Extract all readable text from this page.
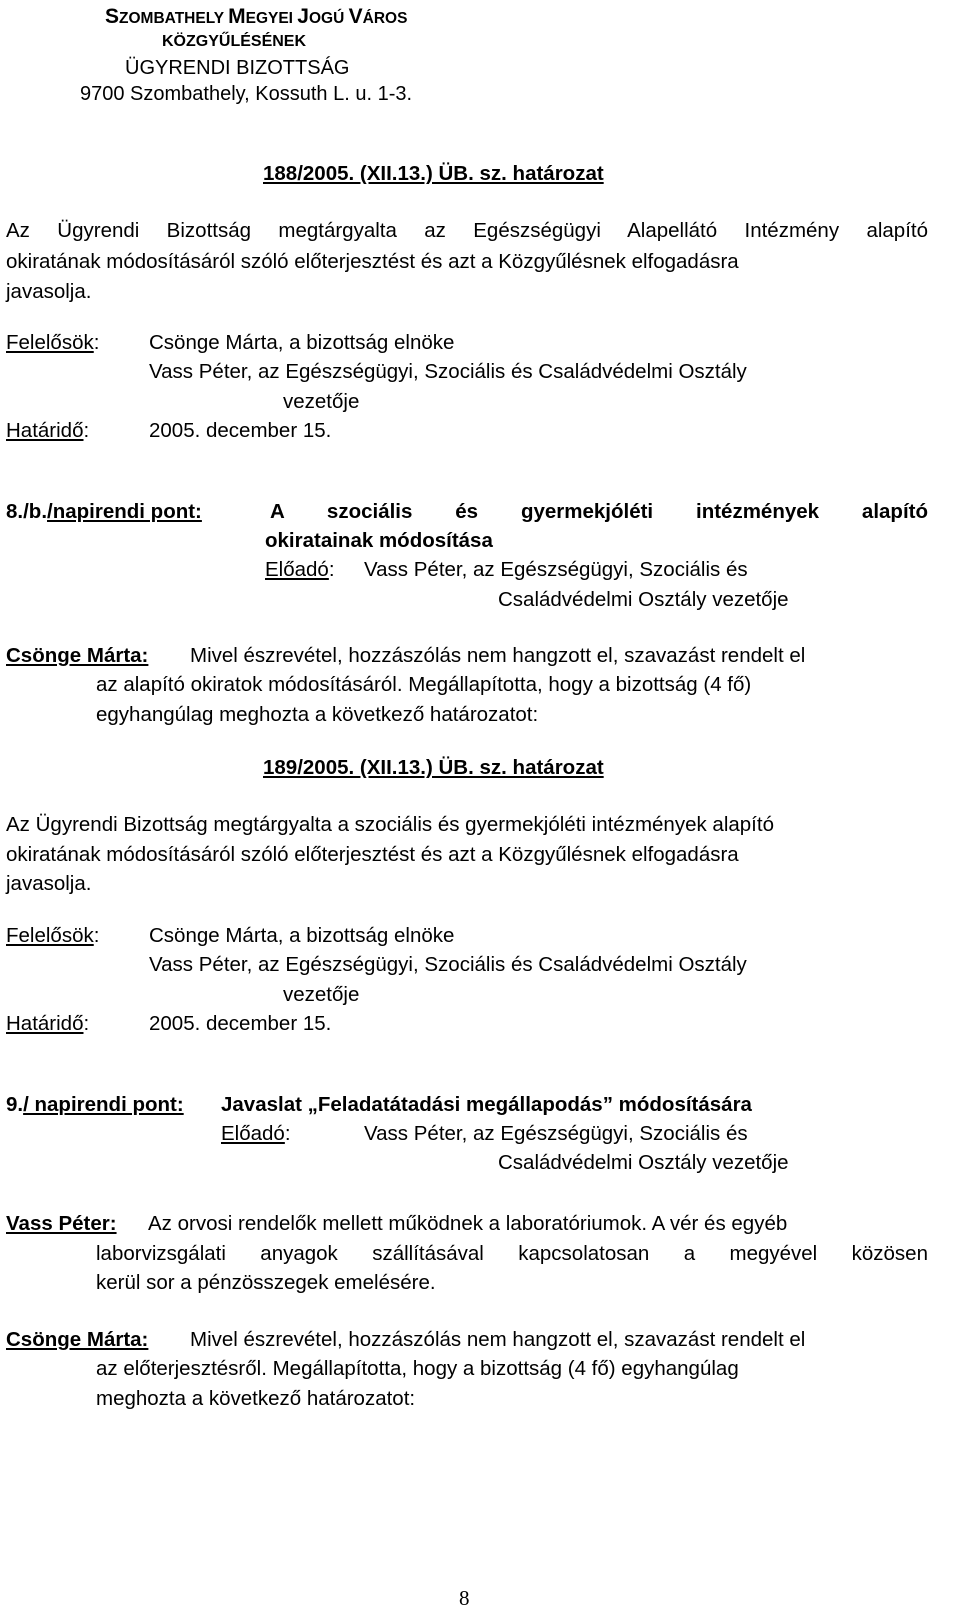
SZOMBATHELY MEGYEI JOGÚ VÁROS
KÖZGYŰLÉSÉNEK
ÜGYRENDI BIZOTTSÁG
9700 Szombathely, Kossuth L. u. 1-3.
188/2005. (XII.13.) ÜB. sz. határozat
Az Ügyrendi Bizottság megtárgyalta az Egészségügyi Alapellátó Intézmény alapító
okiratának módosításáról szóló előterjesztést és azt a Közgyűlésnek elfogadásra
javasolja.
Felelősök: Csönge Márta, a bizottság elnöke
Vass Péter, az Egészségügyi, Szociális és Családvédelmi Osztály
vezetője
Határidő:	2005. december 15.
8./b./napirendi pont:	A szociális és gyermekjóléti intézmények alapító
okiratainak módosítása
Előadó: Vass Péter, az Egészségügyi, Szociális és
Családvédelmi Osztály vezetője
Csönge Márta: Mivel észrevétel, hozzászólás nem hangzott el, szavazást rendelt el
az alapító okiratok módosításáról. Megállapította, hogy a bizottság (4 fő)
egyhangúlag meghozta a következő határozatot:
189/2005. (XII.13.) ÜB. sz. határozat
Az Ügyrendi Bizottság megtárgyalta a szociális és gyermekjóléti intézmények alapító
okiratának módosításáról szóló előterjesztést és azt a Közgyűlésnek elfogadásra
javasolja.
Felelősök: Csönge Márta, a bizottság elnöke
Vass Péter, az Egészségügyi, Szociális és Családvédelmi Osztály
vezetője
Határidő:	2005. december 15.
9./ napirendi pont: Javaslat „Feladatátadási megállapodás” módosítására
Előadó:	Vass Péter, az Egészségügyi, Szociális és
Családvédelmi Osztály vezetője
Vass Péter: Az orvosi rendelők mellett működnek a laboratóriumok. A vér és egyéb
laborvizsgálati anyagok szállításával kapcsolatosan a megyével közösen
kerül sor a pénzösszegek emelésére.
Csönge Márta: Mivel észrevétel, hozzászólás nem hangzott el, szavazást rendelt el
az előterjesztésről. Megállapította, hogy a bizottság (4 fő) egyhangúlag
meghozta a következő határozatot:
8
